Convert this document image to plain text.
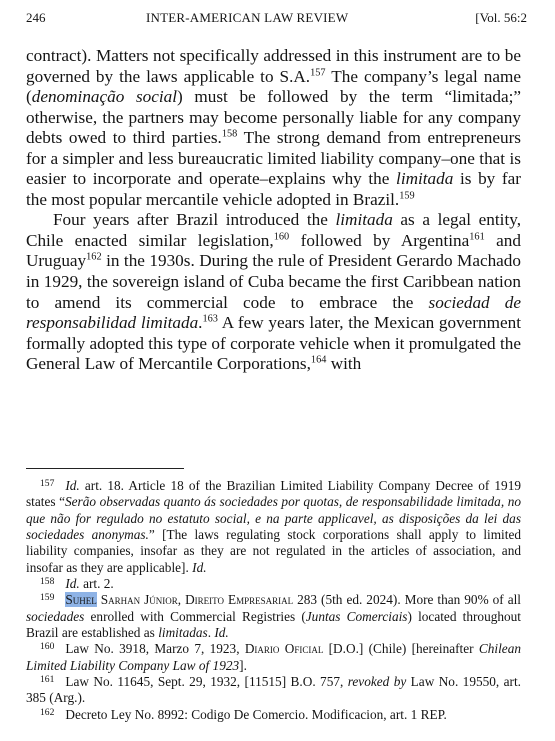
246	INTER-AMERICAN LAW REVIEW	[Vol. 56:2

contract). Matters not specifically addressed in this instrument are to be governed by the laws applicable to S.A.$^{157}$ The company’s legal name (denominação social) must be followed by the term “limitada;” otherwise, the partners may become personally liable for any company debts owed to third parties.$^{158}$ The strong demand from entrepreneurs for a simpler and less bureaucratic limited liability company–one that is easier to incorporate and operate–explains why the limitada is by far the most popular mercantile vehicle adopted in Brazil.$^{159}$

Four years after Brazil introduced the limitada as a legal entity, Chile enacted similar legislation,$^{160}$ followed by Argentina$^{161}$ and Uruguay$^{162}$ in the 1930s. During the rule of President Gerardo Machado in 1929, the sovereign island of Cuba became the first Caribbean nation to amend its commercial code to embrace the sociedad de responsabilidad limitada.$^{163}$ A few years later, the Mexican government formally adopted this type of corporate vehicle when it promulgated the General Law of Mercantile Corporations,$^{164}$ with

$^{157}$ Id. art. 18. Article 18 of the Brazilian Limited Liability Company Decree of 1919 states “Serão observadas quanto ás sociedades por quotas, de responsabilidade limitada, no que não for regulado no estatuto social, e na parte applicavel, as disposições da lei das sociedades anonymas.” [The laws regulating stock corporations shall apply to limited liability companies, insofar as they are not regulated in the articles of association, and insofar as they are applicable]. Id.

$^{158}$ Id. art. 2.

$^{159}$ Suhel Sarhan Júnior, Direito Empresarial 283 (5th ed. 2024). More than 90% of all sociedades enrolled with Commercial Registries (Juntas Comerciais) located throughout Brazil are established as limitadas. Id.

$^{160}$ Law No. 3918, Marzo 7, 1923, Diario Oficial [D.O.] (Chile) [hereinafter Chilean Limited Liability Company Law of 1923].

$^{161}$ Law No. 11645, Sept. 29, 1932, [11515] B.O. 757, revoked by Law No. 19550, art. 385 (Arg.).

$^{162}$ Decreto Ley No. 8992: Codigo De Comercio. Modificacion, art. 1 REP.
